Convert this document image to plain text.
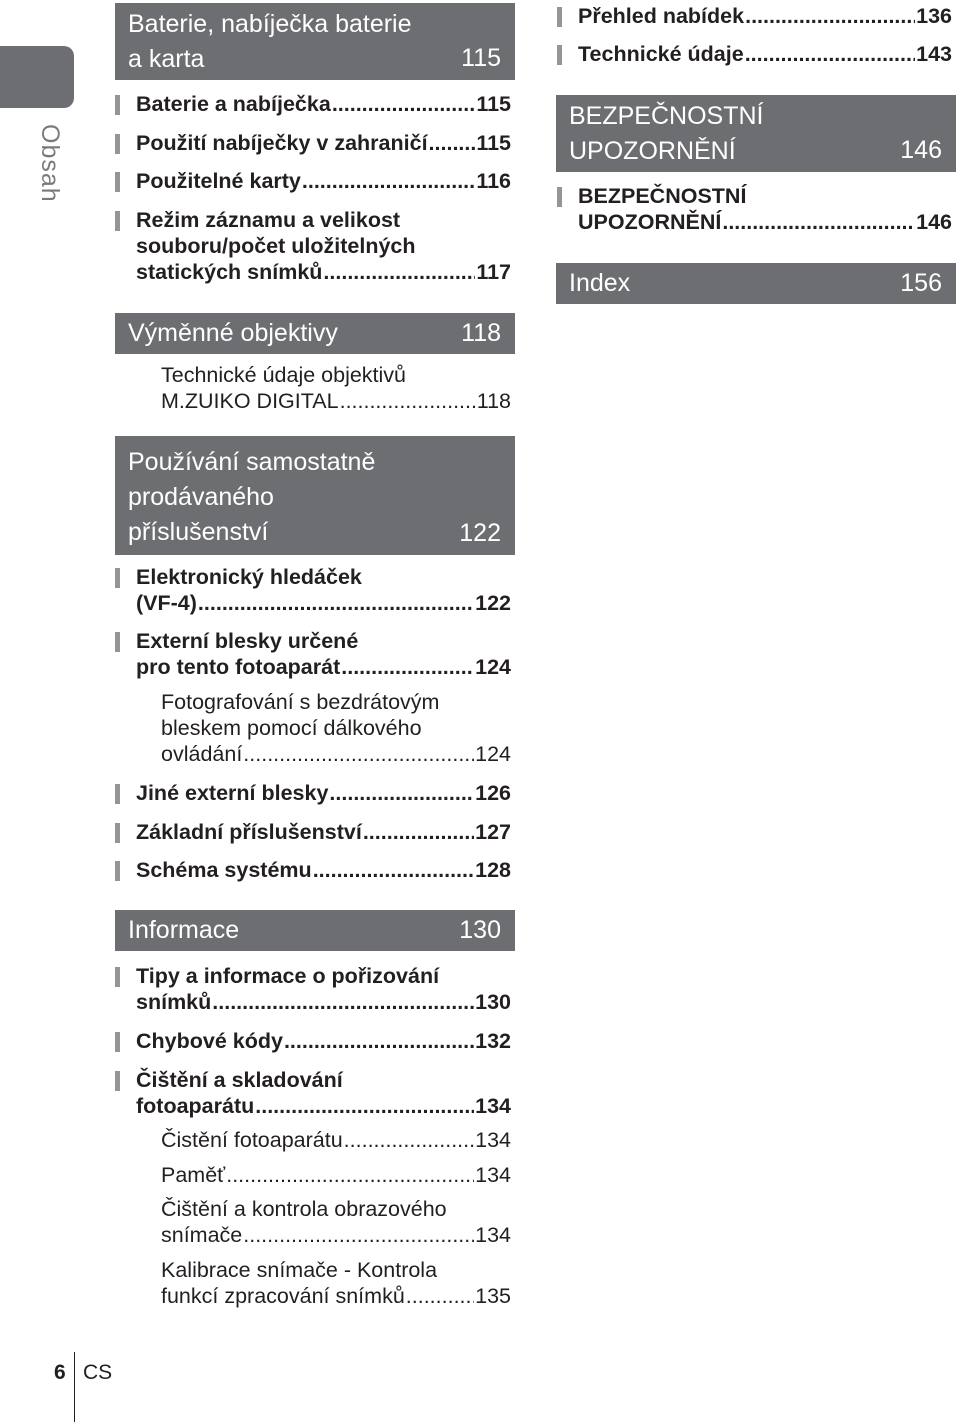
Obsah
Baterie, nabíječka baterie
a karta	115
Baterie a nabíječka .....	115
Použití nabíječky v zahraničí ..... 115
Použitelné karty .....	116
Režim záznamu a velikost
souboru/počet uložitelných
statických snímků .....	117
Výměnné objektivy	118
Technické údaje objektivů
M.ZUIKO DIGITAL .....	118
Používání samostatně
prodávaného
příslušenství	122
Elektronický hledáček
(VF-4) .....	122
Externí blesky určené
pro tento fotoaparát .....	124
Fotografování s bezdrátovým
bleskem pomocí dálkového
ovládání .....	124
Jiné externí blesky .....	126
Základní příslušenství .....	127
Schéma systému .....	128
Informace	130
Tipy a informace o pořizování
snímků .....	130
Chybové kódy .....	132
Čištění a skladování
fotoaparátu .....	134
Čistění fotoaparátu .....	134
Paměť .....	134
Čištění a kontrola obrazového
snímače .....	134
Kalibrace snímače - Kontrola
funkcí zpracování snímků .....	135
Přehled nabídek .....	136
Technické údaje .....	143
BEZPEČNOSTNÍ
UPOZORNĚNÍ	146
BEZPEČNOSTNÍ
UPOZORNĚNÍ .....	146
Index	156
6 CS
